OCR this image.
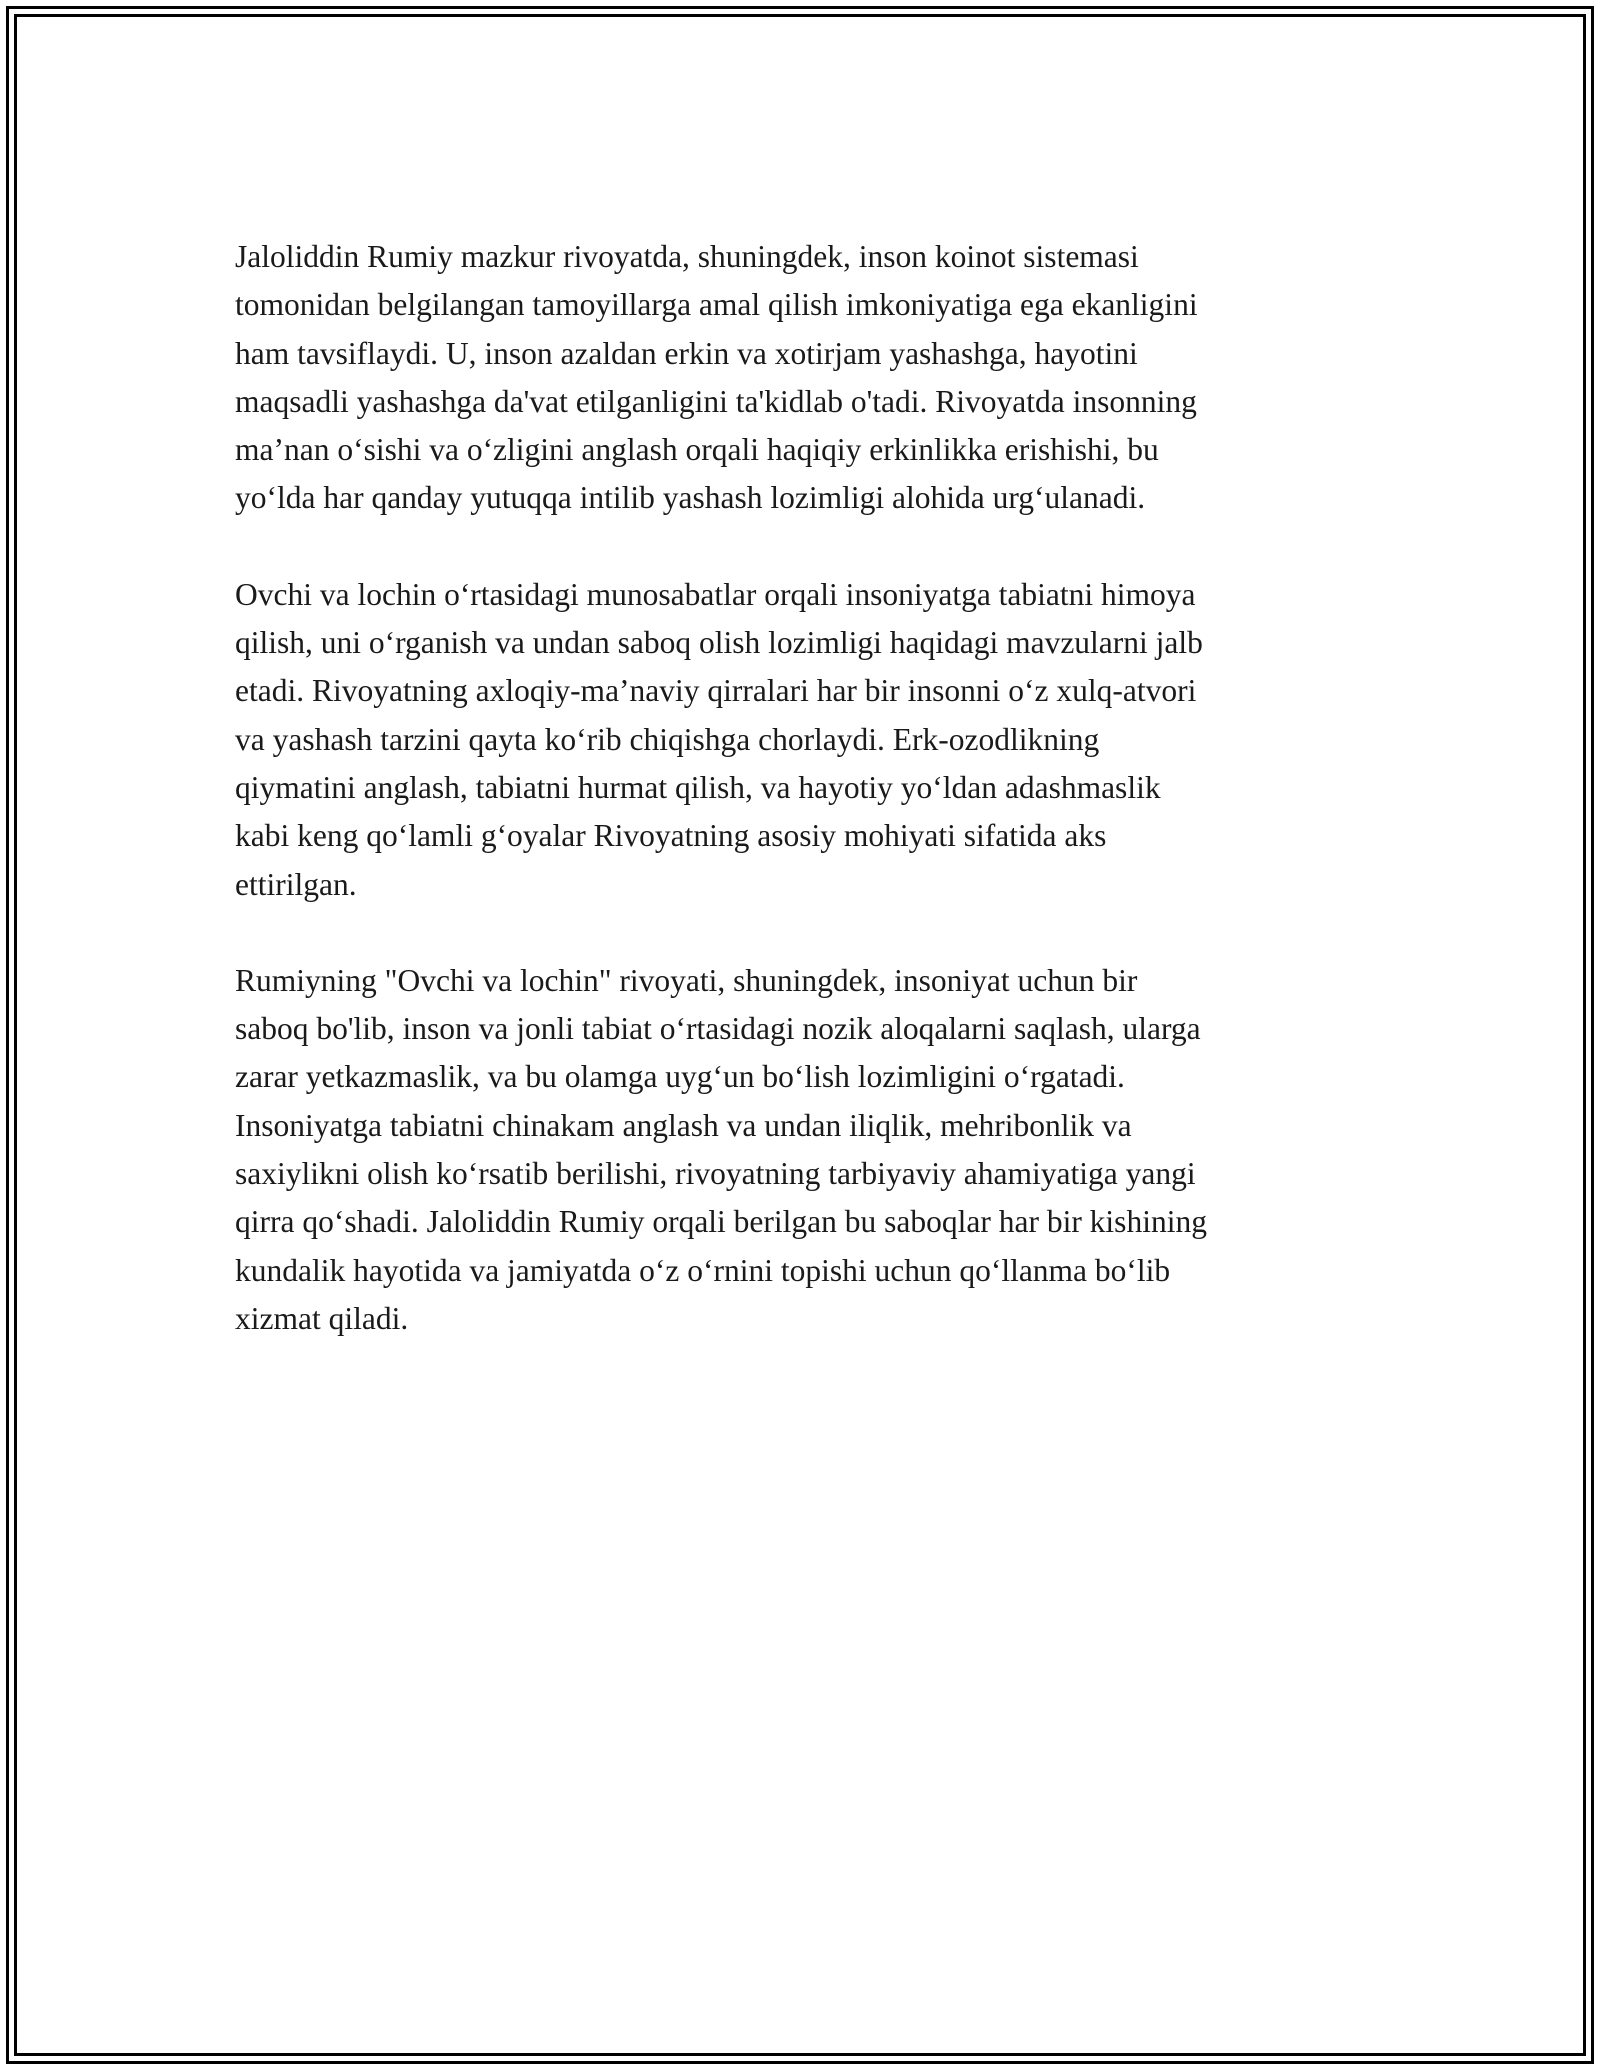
Jaloliddin Rumiy mazkur rivoyatda, shuningdek, inson koinot sistemasi
tomonidan belgilangan tamoyillarga amal qilish imkoniyatiga ega ekanligini
ham tavsiflaydi. U, inson azaldan erkin va xotirjam yashashga, hayotini
maqsadli yashashga da'vat etilganligini ta'kidlab o'tadi. Rivoyatda insonning
ma’nan oʻsishi va oʻzligini anglash orqali haqiqiy erkinlikka erishishi, bu
yoʻlda har qanday yutuqqa intilib yashash lozimligi alohida urgʻulanadi.

Ovchi va lochin oʻrtasidagi munosabatlar orqali insoniyatga tabiatni himoya
qilish, uni oʻrganish va undan saboq olish lozimligi haqidagi mavzularni jalb
etadi. Rivoyatning axloqiy-ma’naviy qirralari har bir insonni oʻz xulq-atvori
va yashash tarzini qayta koʻrib chiqishga chorlaydi. Erk-ozodlikning
qiymatini anglash, tabiatni hurmat qilish, va hayotiy yoʻldan adashmaslik
kabi keng qoʻlamli gʻoyalar Rivoyatning asosiy mohiyati sifatida aks
ettirilgan.

Rumiyning "Ovchi va lochin" rivoyati, shuningdek, insoniyat uchun bir
saboq bo'lib, inson va jonli tabiat oʻrtasidagi nozik aloqalarni saqlash, ularga
zarar yetkazmaslik, va bu olamga uygʻun boʻlish lozimligini oʻrgatadi.
Insoniyatga tabiatni chinakam anglash va undan iliqlik, mehribonlik va
saxiylikni olish koʻrsatib berilishi, rivoyatning tarbiyaviy ahamiyatiga yangi
qirra qoʻshadi. Jaloliddin Rumiy orqali berilgan bu saboqlar har bir kishining
kundalik hayotida va jamiyatda oʻz oʻrnini topishi uchun qoʻllanma boʻlib
xizmat qiladi.
